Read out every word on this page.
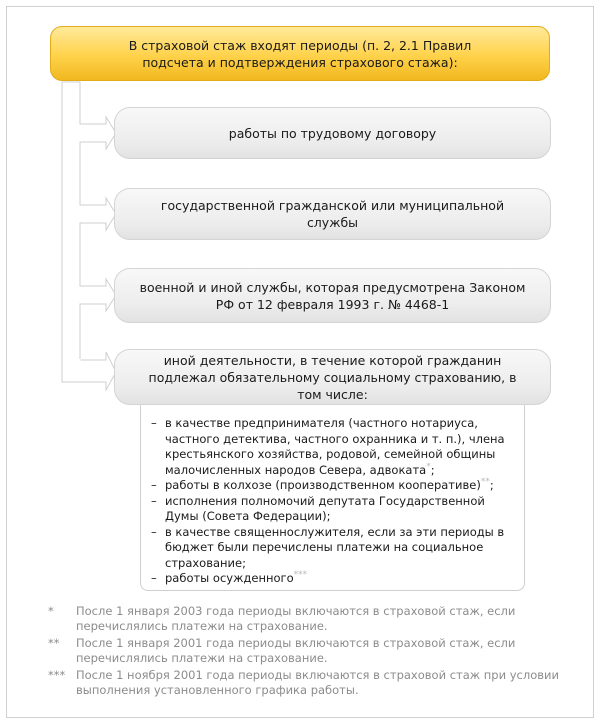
В страховой стаж входят периоды (п. 2, 2.1 Правил подсчета и подтверждения страхового стажа):
работы по трудовому договору
государственной гражданской или муниципальной службы
военной и иной службы, которая предусмотрена Законом РФ от 12 февраля 1993 г. № 4468-1
– в качестве предпринимателя (частного нотариуса, частного детектива, частного охранника и т. п.), члена крестьянского хозяйства, родовой, семейной общины малочисленных народов Севера, адвоката*;
– работы в колхозе (производственном кооперативе)**;
– исполнения полномочий депутата Государственной Думы (Совета Федерации);
– в качестве священнослужителя, если за эти периоды в бюджет были перечислены платежи на социальное страхование;
– работы осужденного***
иной деятельности, в течение которой гражданин подлежал обязательному социальному страхованию, в том числе:
* После 1 января 2003 года периоды включаются в страховой стаж, если перечислялись платежи на страхование.
** После 1 января 2001 года периоды включаются в страховой стаж, если перечислялись платежи на страхование.
*** После 1 ноября 2001 года периоды включаются в страховой стаж при условии выполнения установленного графика работы.
